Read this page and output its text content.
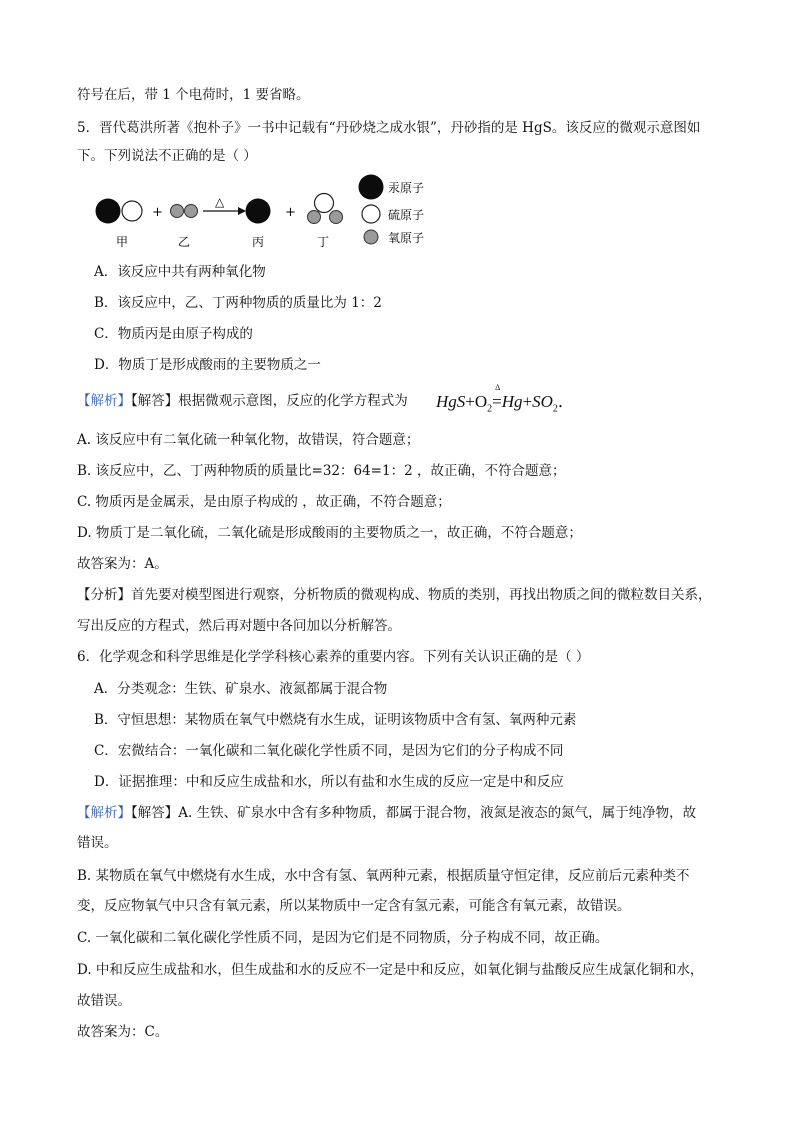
符号在后，带 1 个电荷时，1 要省略。
5．晋代葛洪所著《抱朴子》一书中记载有“丹砂烧之成水银”，丹砂指的是 HgS。该反应的微观示意图如
下。下列说法不正确的是（ ）
+
△
+
甲	乙	丙	丁
汞原子
硫原子
氧原子
A．该反应中共有两种氧化物
B．该反应中，乙、丁两种物质的质量比为 1：2
C．物质丙是由原子构成的
D．物质丁是形成酸雨的主要物质之一
【解析】【解答】根据微观示意图，反应的化学方程式为 $HgS+O_2$
Δ
$=Hg+SO_2$．
A. 该反应中有二氧化硫一种氧化物，故错误，符合题意；
B. 该反应中，乙、丁两种物质的质量比=32：64=1：2 ，故正确，不符合题意；
C. 物质丙是金属汞，是由原子构成的 ，故正确，不符合题意；
D. 物质丁是二氧化硫，二氧化硫是形成酸雨的主要物质之一，故正确，不符合题意；
故答案为：A。
【分析】首先要对模型图进行观察，分析物质的微观构成、物质的类别，再找出物质之间的微粒数目关系，
写出反应的方程式，然后再对题中各问加以分析解答。
6．化学观念和科学思维是化学学科核心素养的重要内容。下列有关认识正确的是（ ）
A．分类观念：生铁、矿泉水、液氮都属于混合物
B．守恒思想：某物质在氧气中燃烧有水生成，证明该物质中含有氢、氧两种元素
C．宏微结合：一氧化碳和二氧化碳化学性质不同，是因为它们的分子构成不同
D．证据推理：中和反应生成盐和水，所以有盐和水生成的反应一定是中和反应
【解析】【解答】A. 生铁、矿泉水中含有多种物质，都属于混合物，液氮是液态的氮气，属于纯净物，故
错误。
B. 某物质在氧气中燃烧有水生成，水中含有氢、氧两种元素，根据质量守恒定律，反应前后元素种类不
变，反应物氧气中只含有氧元素，所以某物质中一定含有氢元素，可能含有氧元素，故错误。
C. 一氧化碳和二氧化碳化学性质不同，是因为它们是不同物质，分子构成不同，故正确。
D. 中和反应生成盐和水，但生成盐和水的反应不一定是中和反应，如氧化铜与盐酸反应生成氯化铜和水，
故错误。
故答案为：C。
